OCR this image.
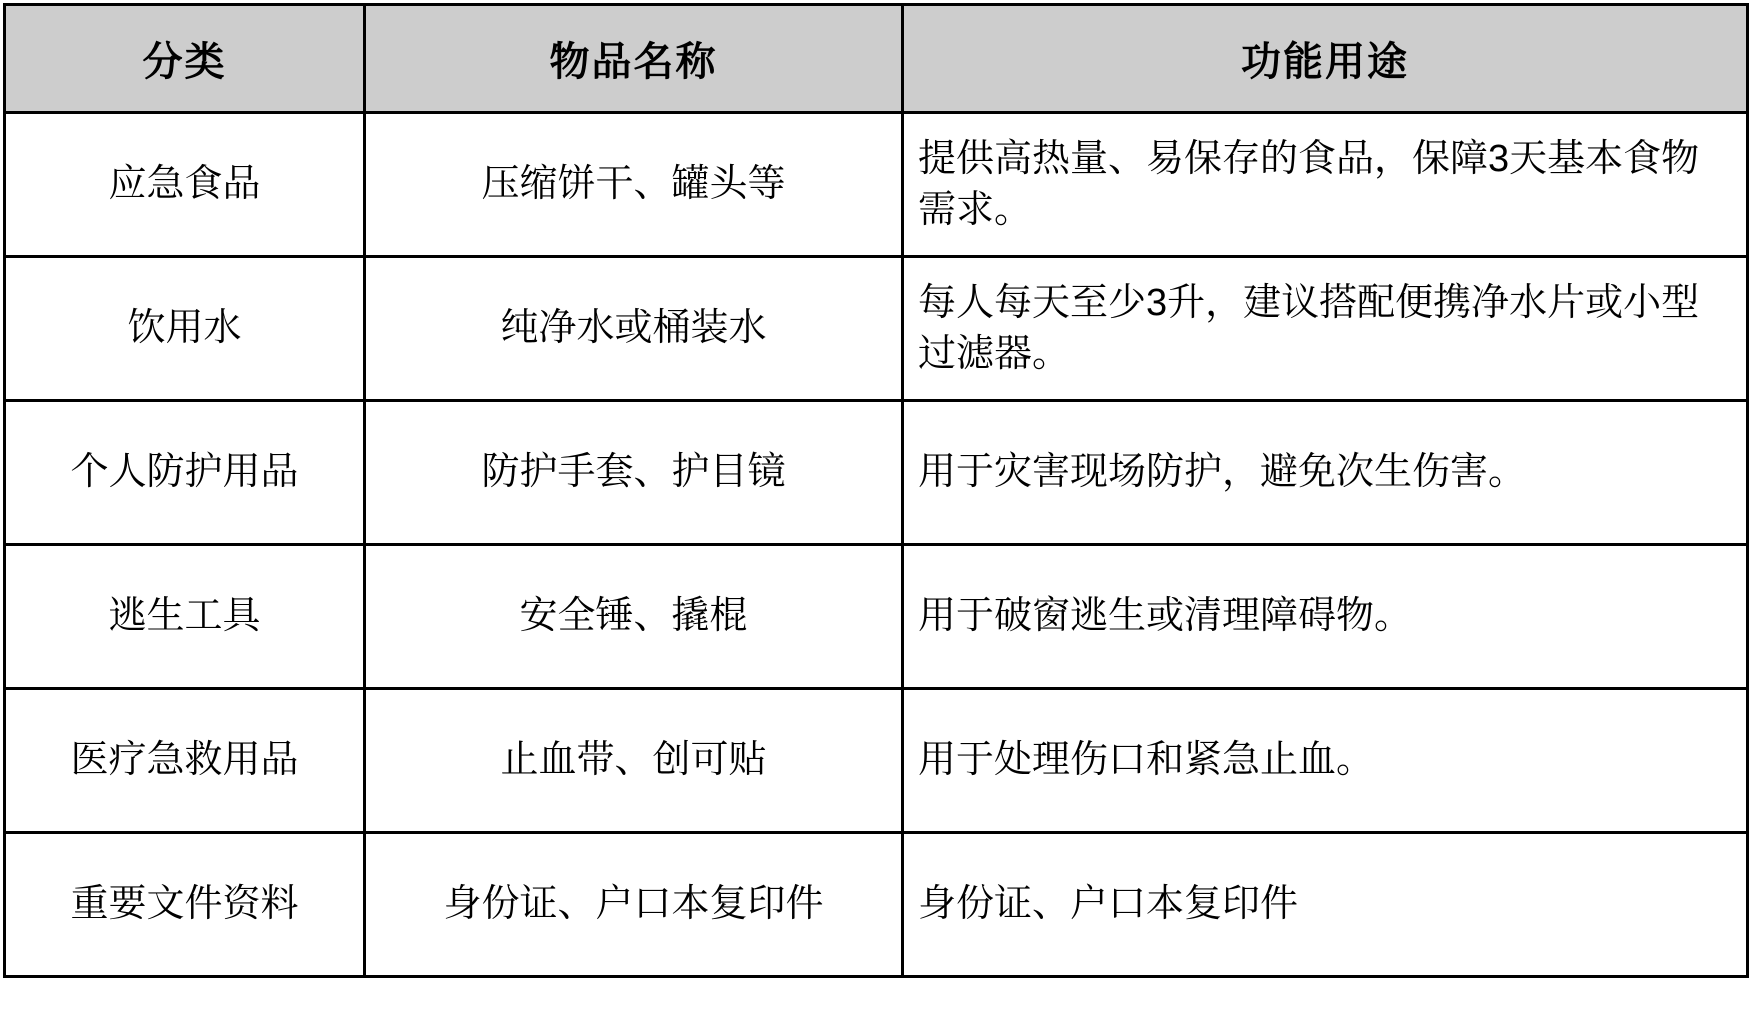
分类	物品名称	功能用途
应急食品	压缩饼干、罐头等	提供高热量、易保存的食品，保障3天基本食物需求。
饮用水	纯净水或桶装水	每人每天至少3升，建议搭配便携净水片或小型过滤器。
个人防护用品	防护手套、护目镜	用于灾害现场防护，避免次生伤害。
逃生工具	安全锤、撬棍	用于破窗逃生或清理障碍物。
医疗急救用品	止血带、创可贴	用于处理伤口和紧急止血。
重要文件资料	身份证、户口本复印件	身份证、户口本复印件
